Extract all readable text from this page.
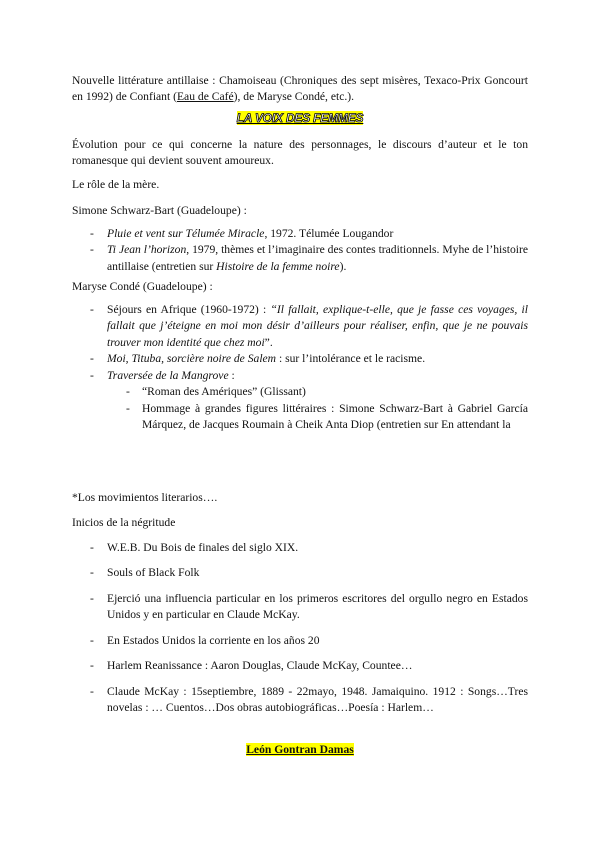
Nouvelle littérature antillaise : Chamoiseau (Chroniques des sept misères, Texaco-Prix Goncourt en 1992) de Confiant (Eau de Café), de Maryse Condé, etc.).

LA VOIX DES FEMMES

Évolution pour ce qui concerne la nature des personnages, le discours d’auteur et le ton romanesque qui devient souvent amoureux.

Le rôle de la mère.

Simone Schwarz-Bart (Guadeloupe) :

- Pluie et vent sur Télumée Miracle, 1972. Télumée Lougandor
- Ti Jean l’horizon, 1979, thèmes et l’imaginaire des contes traditionnels. Myhe de l’histoire antillaise (entretien sur Histoire de la femme noire).

Maryse Condé (Guadeloupe) :

- Séjours en Afrique (1960-1972) : “Il fallait, explique-t-elle, que je fasse ces voyages, il fallait que j’éteigne en moi mon désir d’ailleurs pour réaliser, enfin, que je ne pouvais trouver mon identité que chez moi”.
- Moi, Tituba, sorcière noire de Salem : sur l’intolérance et le racisme.
- Traversée de la Mangrove :
- “Roman des Amériques” (Glissant)
- Hommage à grandes figures littéraires : Simone Schwarz-Bart à Gabriel García Márquez, de Jacques Roumain à Cheik Anta Diop (entretien sur En attendant la

*Los movimientos literarios….

Inicios de la négritude

- W.E.B. Du Bois de finales del siglo XIX.
- Souls of Black Folk
- Ejerció una influencia particular en los primeros escritores del orgullo negro en Estados Unidos y en particular en Claude McKay.
- En Estados Unidos la corriente en los años 20
- Harlem Reanissance : Aaron Douglas, Claude McKay, Countee…
- Claude McKay : 15septiembre, 1889 - 22mayo, 1948. Jamaiquino. 1912 : Songs…Tres novelas : … Cuentos…Dos obras autobiográficas…Poesía : Harlem…

León Gontran Damas
